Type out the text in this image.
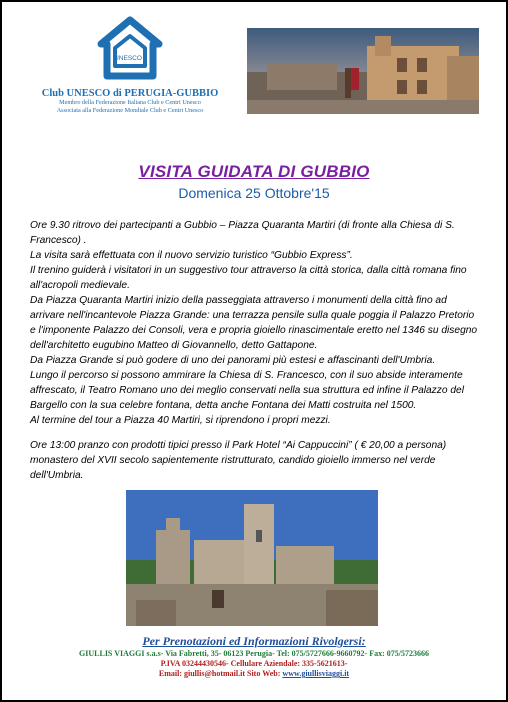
UNESCO
Club UNESCO di PERUGIA-GUBBIO
Membro della Federazione Italiana Club e Centri Unesco
Associata alla Federazione Mondiale Club e Centri Unesco
VISITA GUIDATA DI GUBBIO
Domenica 25 Ottobre'15

Ore 9.30 ritrovo dei partecipanti a Gubbio – Piazza Quaranta Martiri (di fronte alla Chiesa di S. Francesco) .

La visita sarà effettuata con il nuovo servizio turistico “Gubbio Express”.

Il trenino guiderà i visitatori in un suggestivo tour attraverso la città storica, dalla città romana fino all'acropoli medievale.

Da Piazza Quaranta Martiri inizio della passeggiata attraverso i monumenti della città fino ad arrivare nell'incantevole Piazza Grande: una terrazza pensile sulla quale poggia il Palazzo Pretorio e l'imponente Palazzo dei Consoli, vera e propria gioiello rinascimentale eretto nel 1346 su disegno dell'architetto eugubino Matteo di Giovannello, detto Gattapone.

Da Piazza Grande si può godere di uno dei panorami più estesi e affascinanti dell'Umbria.

Lungo il percorso si possono ammirare la Chiesa di S. Francesco, con il suo abside interamente affrescato, il Teatro Romano uno dei meglio conservati nella sua struttura ed infine il Palazzo del Bargello con la sua celebre fontana, detta anche Fontana dei Matti costruita nel 1500.

Al termine del tour a Piazza 40 Martiri, si riprendono i propri mezzi.

Ore 13:00 pranzo con prodotti tipici presso il Park Hotel “Ai Cappuccini” ( € 20,00 a persona) monastero del XVII secolo sapientemente ristrutturato, candido gioiello immerso nel verde dell'Umbria.

Per Prenotazioni ed Informazioni Rivolgersi:
GIULLIS VIAGGI s.a.s- Via Fabretti, 35- 06123 Perugia- Tel: 075/5727666-9660792- Fax: 075/5723666
P.IVA 03244430546- Cellulare Aziendale: 335-5621613-
Email: giullis@hotmail.it Sito Web: www.giullisviaggi.it
